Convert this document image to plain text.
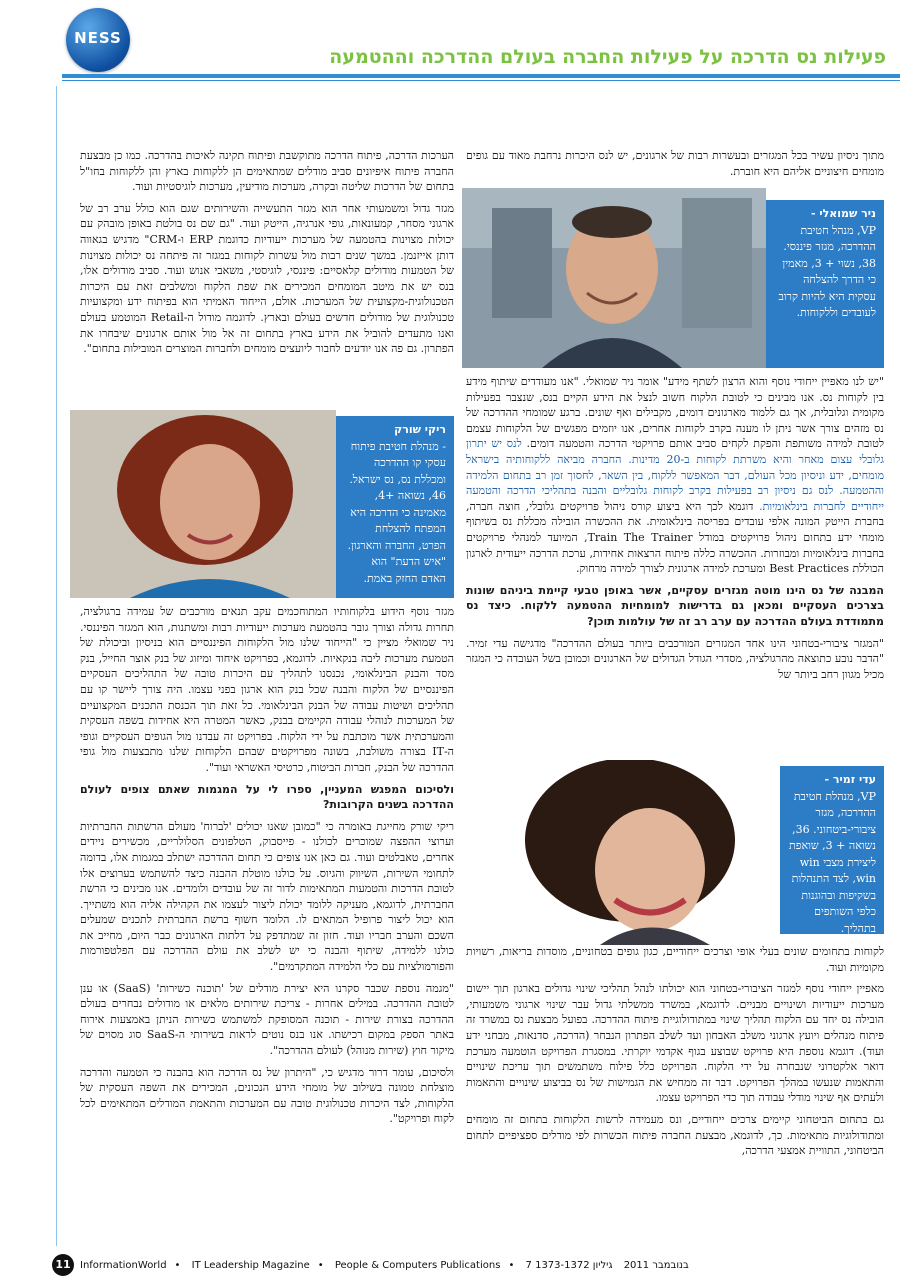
NESS
פעילות נס הדרכה על פעילות החברה בעולם ההדרכה וההטמעה

מתוך ניסיון עשיר בכל המגזרים ובעשרות רבות של ארגונים, יש לנס היכרות נרחבת מאוד עם גופים מומחים חיצוניים אליהם היא חוברת.

ניר שמואלי -
VP, מנהל חטיבת ההדרכה, מגזר פיננסי. 38, נשוי + 3, מאמין כי הדרך להצלחה עסקית היא להיות קרוב לעובדים וללקוחות.

"יש לנו מאפיין ייחודי נוסף והוא הרצון לשתף מידע" אומר ניר שמואלי. "אנו מעודדים שיתוף מידע בין לקוחות נס. אנו מבינים כי לטובת הלקוח חשוב לנצל את הידע הקיים בנס, שנצבר בפעילות מקומית וגלובלית, אך גם ללמוד מארגונים דומים, מקבילים ואף שונים. ברגע שמומחי ההדרכה של נס מזהים צורך אשר ניתן לו מענה בקרב לקוחות אחרים, אנו יוזמים מפגשים של הלקוחות עצמם לטובת למידה משותפת והפקת לקחים סביב אותם פרויקטי הדרכה והטמעה דומים. לנס יש יתרון גלובלי עצום מאחר והיא משרתת לקוחות ב-20 מדינות. החברה מביאה ללקוחותיה בישראל מומחים, ידע וניסיון מכל העולם, דבר המאפשר ללקוח, בין השאר, לחסוך זמן רב בתחום הלמידה וההטמעה. לנס גם ניסיון רב בפעילות בקרב לקוחות גלובליים והבנה בתהליכי הדרכה והטמעה ייחודיים לחברות בינלאומיות. דוגמא לכך היא ביצוע קורס ניהול פרויקטים גלובלי, חוצה חברה, בחברת הייטק המונה אלפי עובדים בפריסה בינלאומית. את ההכשרה הובילה מכללת נס בשיתוף מומחי ידע בתחום ניהול פרויקטים במודל Train The Trainer, המיועד למנהלי פרויקטים בחברות בינלאומיות ומבוזרות. ההכשרה כללה פיתוח הרצאות אחידות, ערכת הדרכה ייעודית לארגון הכוללת Best Practices ומערכת למידה ארגונית לצורך למידה מרחוק.

המבנה של נס הינו מוטה מגזרים עסקיים, אשר באופן טבעי קיימת ביניהם שונות בצרכים העסקיים ומכאן גם בדרישות למומחיות ההטמעה ללקוח. כיצד נס מתמודדת בעולם ההדרכה עם ערב רב זה של עולמות תוכן?

"המגזר ציבורי-בטחוני הינו אחד המגזרים המורכבים ביותר בעולם ההדרכה" מדגישה עדי זמיר. "הדבר נובע כתוצאה מהרגולציה, מסדרי הגודל הגדולים של הארגונים וכמובן בשל העובדה כי המגזר מכיל מגוון רחב ביותר של

עדי זמיר -
VP, מנהלת חטיבת ההדרכה, מגזר ציבורי-ביטחוני. 36, נשואה + 3, שואפת ליצירת מצבי win win, לצד התנהלות בשקיפות ובהוגנות כלפי השותפים בתהליך.

לקוחות בתחומים שונים בעלי אופי וצרכים ייחודיים, כגון גופים בטחוניים, מוסדות בריאות, רשויות מקומיות ועוד.

מאפיין ייחודי נוסף למגזר הציבורי-בטחוני הוא יכולתו לנהל תהליכי שינוי גדולים בארגון תוך יישום מערכות ייעודיות ושינויים מבניים. לדוגמא, במשרד ממשלתי גדול עבר שינוי ארגוני משמעותי, הובילה נס יחד עם הלקוח תהליך שינוי במתודולוגיית פיתוח ההדרכה. בפועל מבצעת נס במשרד זה פיתוח מנהלים ויועץ ארגוני משלב האבחון ועד לשלב הפתרון הנבחר (הדרכה, סדנאות, מבחני ידע ועוד). דוגמא נוספת היא פרויקט שבוצע בגוף אקדמי יוקרתי. במסגרת הפרויקט הוטמעה מערכת דואר אלקטרוני שנבחרה על ידי הלקוח. הפרויקט כלל פילוח משתמשים תוך עריכת שינויים והתאמות שנעשו במהלך הפרויקט. דבר זה ממחיש את הגמישות של נס בביצוע שינויים והתאמות ולעתים אף שינוי מודלי עבודה תוך כדי הפרויקט עצמו.

גם בתחום הביטחוני קיימים צרכים ייחודיים, ונס מעמידה לרשות הלקוחות בתחום זה מומחים ומתודולוגיות מתאימות. כך, לדוגמא, מבצעת החברה פיתוח הכשרות לפי מודלים ספציפיים לתחום הביטחוני, התוויית אמצעי הדרכה,

הערכות הדרכה, פיתוח הדרכה מתוקשבת ופיתוח תקינה לאיכות בהדרכה. כמו כן מבצעת החברה פיתוח איפיונים סביב מודלים שמתאימים הן ללקוחות בארץ והן ללקוחות בחו"ל בתחום של הדרכות שליטה ובקרה, מערכות מודיעין, מערכות לוגיסטיות ועוד.

מגזר גדול ומשמעותי אחר הוא מגזר התעשייה והשירותים שגם הוא כולל ערב רב של ארגוני מסחר, קמעונאות, גופי אנרגיה, הייטק ועוד. "גם שם נס בולטת באופן מובהק עם יכולות מצוינות בהטמעה של מערכות ייעודיות כדוגמת ERP ו-CRM" מדגיש בגאווה דותן אייזנמן. במשך שנים רבות מול עשרות לקוחות במגזר זה פיתחה נס יכולות מצוינות של הטמעות מודולים קלאסיים: פיננסי, לוגיסטי, משאבי אנוש ועוד. סביב מודולים אלו, בנס יש את מיטב המומחים המכירים את שפת הלקוח ומשלבים זאת עם היכרות הטכנולוגית-מקצועית של המערכות. אולם, הייחוד האמיתי הוא בפיתוח ידע ומקצועיות טכנולוגית של מודולים חדשים בעולם ובארץ. לדוגמה מודול ה-Retail המוטמע בעולם ואנו מתעדים להוביל את הידע בארץ בתחום זה אל מול אותם ארגונים שיבחרו את הפתרון. גם פה אנו יודעים לחבור ליועצים מומחים ולחברות המוצרים המובילות בתחום".

ריקי שורק
- מנהלת חטיבת פיתוח עסקי קו ההדרכה ומכללת נס, נס ישראל. 46, נשואה +4, מאמינה כי הדרכה היא המפתח להצלחת הפרט, החברה והארגון. "איש הדעת" הוא האדם החזק באמת.

מגזר נוסף הידוע בלקוחותיו המתוחכמים עקב תנאים מורכבים של עמידה ברגולציה, תחרות גדולה וצורך גובר בהטמעת מערכות ייעודיות רבות ומשתנות, הוא המגזר הפיננסי. ניר שמואלי מציין כי "הייחוד שלנו מול הלקוחות הפיננסיים הוא בניסיון וביכולת של הטמעת מערכות ליבה בנקאיות. לדוגמא, בפרויקט איחוד ומיזוג של בנק אוצר החייל, בנק מסד והבנק הבינלאומי, נכנסנו לתהליך עם היכרות טובה של התהליכים העסקיים הפיננסיים של הלקוח והבנה שכל בנק הוא ארגון בפני עצמו. היה צורך ליישר קו עם תהליכים ושיטות עבודה של הבנק הבינלאומי. כל זאת תוך הכנסת התכנים המקצועיים של המערכות לנוהלי עבודה הקיימים בבנק, כאשר המטרה היא אחידות בשפה העסקית והמערכתית אשר מוכתבת על ידי הלקוח. בפרויקט זה עבדנו מול הגופים העסקיים וגופי ה-IT בצורה משולבת, בשונה מפרויקטים שבהם הלקוחות שלנו מתבצעות מול גופי ההדרכה של הבנק, חברות הביטוח, כרטיסי האשראי ועוד".

ולסיכום המפגש המעניין, ספרו לי על המגמות שאתם צופים לעולם ההדרכה בשנים הקרובות?

ריקי שורק מחייגת באומרה כי "כמובן שאנו יכולים 'לברוח' מעולם הרשתות החברתיות וערוצי ההפצה שמוכרים לכולנו - פייסבוק, הטלפונים הסלולריים, מכשירים ניידים אחרים, טאבלטים ועוד. גם כאן אנו צופים כי תחום ההדרכה ישתלב במגמות אלו, בדומה לתחומי השירות, השיווק והגיוס. על כולנו מוטלת ההבנה כיצד להשתמש בערוצים אלו לטובת הדרכות והטמעות המתאימות לדור זה של עובדים ולומדים. אנו מבינים כי הרשת החברתית, לדוגמא, מעניקה ללומד יכולת ליצור לעצמו את הקהילה אליה הוא משתייך. הוא יכול ליצור פרופיל המתאים לו. הלומד חשוף ברשת החברתית לתכנים שמעלים השכם והערב חבריו ועוד. חזון זה שמתדפק על דלתות הארגונים כבר היום, מחייב את כולנו ללמידה, שיתוף והבנה כי יש לשלב את עולם ההדרכה עם הפלטפורמות והפורמולציות עם כלי הלמידה המתקדמים".

"מגמה נוספת שכבר סקרנו היא יצירת מודלים של 'תוכנה כשירות' (SaaS) או ענן לטובת ההדרכה. במילים אחרות - צריכת שירותים מלאים או מודולים נבחרים בעולם ההדרכה בצורת שירות - תוכנה המסופקת למשתמש כשירות הניתן באמצעות אירוח באתר הספק במקום רכישתו. אנו בנס נוטים לראות בשירותי ה-SaaS סוג מסוים של מיקור חוץ (שירות מנוהל) לעולם ההדרכה".

ולסיכום, עומר דרור מדגיש כי, "היתרון של נס הדרכה הוא בהבנה כי הטמעה והדרכה מוצלחת טמונה בשילוב של מומחי הידע הנכונים, המכירים את השפה העסקית של הלקוחות, לצד היכרות טכנולוגית טובה עם המערכות והתאמת המודלים המתאימים לכל לקוח ופרויקט".

11 InformationWorld • IT Leadership Magazine • People & Computers Publications • 7 בנובמבר 2011 גיליון 1373-1372
